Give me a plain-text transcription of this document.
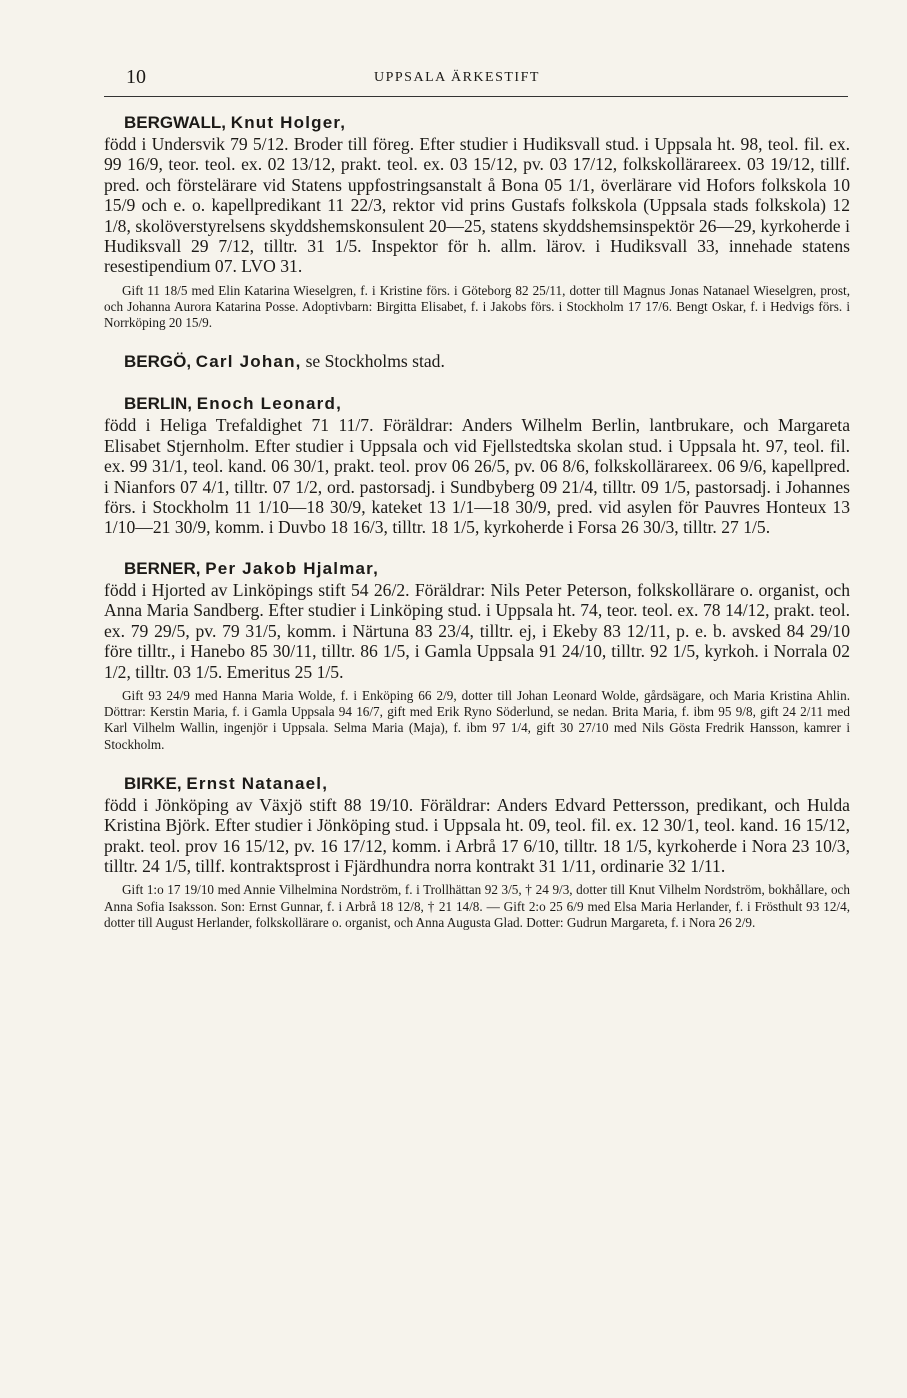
10	UPPSALA ÄRKESTIFT

BERGWALL, Knut Holger,

född i Undersvik 79 5/12. Broder till föreg. Efter studier i Hudiksvall stud. i Uppsala ht. 98, teol. fil. ex. 99 16/9, teor. teol. ex. 02 13/12, prakt. teol. ex. 03 15/12, pv. 03 17/12, folkskollärareex. 03 19/12, tillf. pred. och förstelärare vid Statens uppfostringsanstalt å Bona 05 1/1, överlärare vid Hofors folkskola 10 15/9 och e. o. kapellpredikant 11 22/3, rektor vid prins Gustafs folkskola (Uppsala stads folkskola) 12 1/8, skolöverstyrelsens skyddshemskonsulent 20—25, statens skyddshemsinspektör 26—29, kyrkoherde i Hudiksvall 29 7/12, tilltr. 31 1/5. Inspektor för h. allm. lärov. i Hudiksvall 33, innehade statens resestipendium 07. LVO 31.

Gift 11 18/5 med Elin Katarina Wieselgren, f. i Kristine förs. i Göteborg 82 25/11, dotter till Magnus Jonas Natanael Wieselgren, prost, och Johanna Aurora Katarina Posse. Adoptivbarn: Birgitta Elisabet, f. i Jakobs förs. i Stockholm 17 17/6. Bengt Oskar, f. i Hedvigs förs. i Norrköping 20 15/9.

BERGÖ, Carl Johan, se Stockholms stad.

BERLIN, Enoch Leonard,

född i Heliga Trefaldighet 71 11/7. Föräldrar: Anders Wilhelm Berlin, lantbrukare, och Margareta Elisabet Stjernholm. Efter studier i Uppsala och vid Fjellstedtska skolan stud. i Uppsala ht. 97, teol. fil. ex. 99 31/1, teol. kand. 06 30/1, prakt. teol. prov 06 26/5, pv. 06 8/6, folkskollärareex. 06 9/6, kapellpred. i Nianfors 07 4/1, tilltr. 07 1/2, ord. pastorsadj. i Sundbyberg 09 21/4, tilltr. 09 1/5, pastorsadj. i Johannes förs. i Stockholm 11 1/10—18 30/9, kateket 13 1/1—18 30/9, pred. vid asylen för Pauvres Honteux 13 1/10—21 30/9, komm. i Duvbo 18 16/3, tilltr. 18 1/5, kyrkoherde i Forsa 26 30/3, tilltr. 27 1/5.

BERNER, Per Jakob Hjalmar,

född i Hjorted av Linköpings stift 54 26/2. Föräldrar: Nils Peter Peterson, folkskollärare o. organist, och Anna Maria Sandberg. Efter studier i Linköping stud. i Uppsala ht. 74, teor. teol. ex. 78 14/12, prakt. teol. ex. 79 29/5, pv. 79 31/5, komm. i Närtuna 83 23/4, tilltr. ej, i Ekeby 83 12/11, p. e. b. avsked 84 29/10 före tilltr., i Hanebo 85 30/11, tilltr. 86 1/5, i Gamla Uppsala 91 24/10, tilltr. 92 1/5, kyrkoh. i Norrala 02 1/2, tilltr. 03 1/5. Emeritus 25 1/5.

Gift 93 24/9 med Hanna Maria Wolde, f. i Enköping 66 2/9, dotter till Johan Leonard Wolde, gårdsägare, och Maria Kristina Ahlin. Döttrar: Kerstin Maria, f. i Gamla Uppsala 94 16/7, gift med Erik Ryno Söderlund, se nedan. Brita Maria, f. ibm 95 9/8, gift 24 2/11 med Karl Vilhelm Wallin, ingenjör i Uppsala. Selma Maria (Maja), f. ibm 97 1/4, gift 30 27/10 med Nils Gösta Fredrik Hansson, kamrer i Stockholm.

BIRKE, Ernst Natanael,

född i Jönköping av Växjö stift 88 19/10. Föräldrar: Anders Edvard Pettersson, predikant, och Hulda Kristina Björk. Efter studier i Jönköping stud. i Uppsala ht. 09, teol. fil. ex. 12 30/1, teol. kand. 16 15/12, prakt. teol. prov 16 15/12, pv. 16 17/12, komm. i Arbrå 17 6/10, tilltr. 18 1/5, kyrkoherde i Nora 23 10/3, tilltr. 24 1/5, tillf. kontraktsprost i Fjärdhundra norra kontrakt 31 1/11, ordinarie 32 1/11.

Gift 1:o 17 19/10 med Annie Vilhelmina Nordström, f. i Trollhättan 92 3/5, † 24 9/3, dotter till Knut Vilhelm Nordström, bokhållare, och Anna Sofia Isaksson. Son: Ernst Gunnar, f. i Arbrå 18 12/8, † 21 14/8. — Gift 2:o 25 6/9 med Elsa Maria Herlander, f. i Frösthult 93 12/4, dotter till August Herlander, folkskollärare o. organist, och Anna Augusta Glad. Dotter: Gudrun Margareta, f. i Nora 26 2/9.
